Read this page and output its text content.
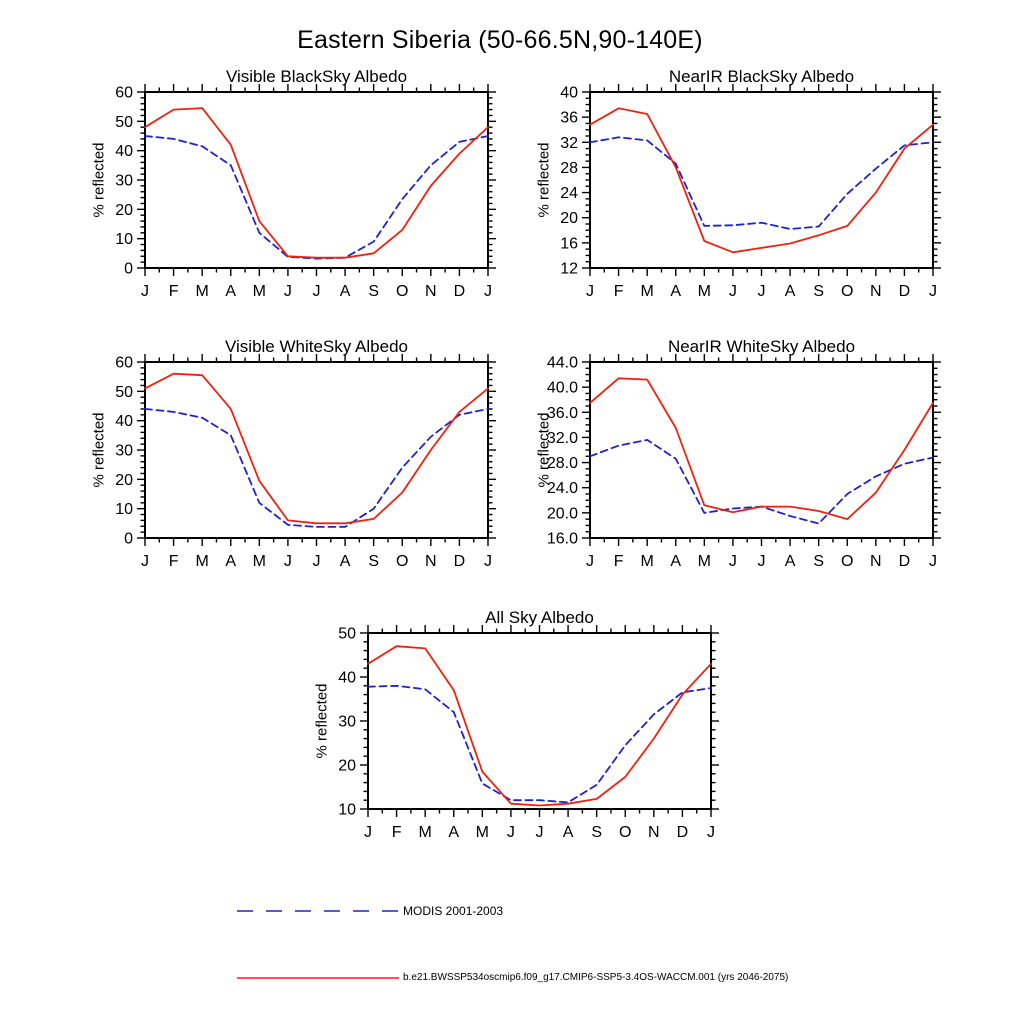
Eastern Siberia (50-66.5N,90-140E)
Visible BlackSky Albedo
% reflected
0
10
20
30
40
50
60
J F M A M J J A S O N D J
NearIR BlackSky Albedo
% reflected
12
16
20
24
28
32
36
40
J F M A M J J A S O N D J
Visible WhiteSky Albedo
% reflected
0
10
20
30
40
50
60
J F M A M J J A S O N D J
NearIR WhiteSky Albedo
% reflected
16.0
20.0
24.0
28.0
32.0
36.0
40.0
44.0
J F M A M J J A S O N D J
All Sky Albedo
% reflected
10
20
30
40
50
J F M A M J J A S O N D J
MODIS 2001-2003
b.e21.BWSSP534oscmip6.f09_g17.CMIP6-SSP5-3.4OS-WACCM.001 (yrs 2046-2075)
